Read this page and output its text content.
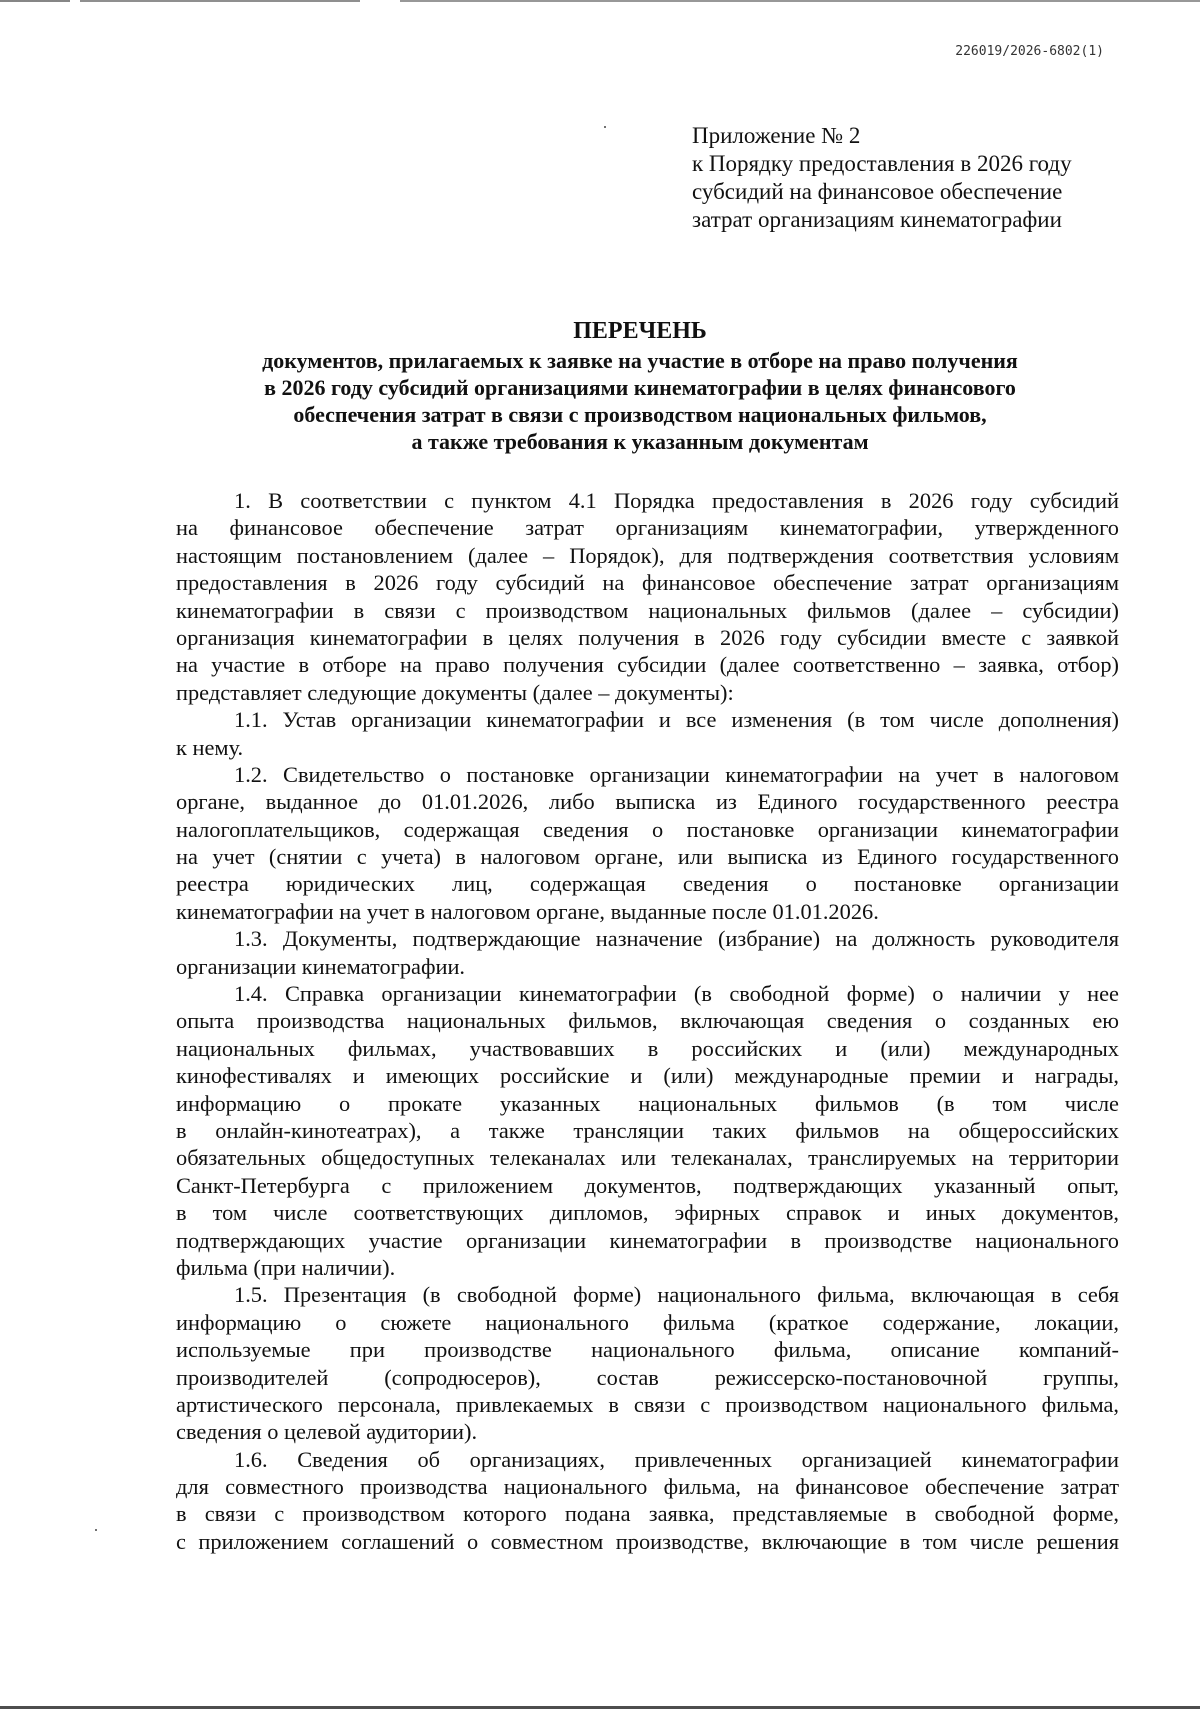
226019/2026-6802(1)
Приложение № 2
к Порядку предоставления в 2026 году
субсидий на финансовое обеспечение
затрат организациям кинематографии
ПЕРЕЧЕНЬ
документов, прилагаемых к заявке на участие в отборе на право получения
в 2026 году субсидий организациями кинематографии в целях финансового
обеспечения затрат в связи с производством национальных фильмов,
а также требования к указанным документам
1. В соответствии с пунктом 4.1 Порядка предоставления в 2026 году субсидий
на финансовое обеспечение затрат организациям кинематографии, утвержденного
настоящим постановлением (далее – Порядок), для подтверждения соответствия условиям
предоставления в 2026 году субсидий на финансовое обеспечение затрат организациям
кинематографии в связи с производством национальных фильмов (далее – субсидии)
организация кинематографии в целях получения в 2026 году субсидии вместе с заявкой
на участие в отборе на право получения субсидии (далее соответственно – заявка, отбор)
представляет следующие документы (далее – документы):
1.1. Устав организации кинематографии и все изменения (в том числе дополнения)
к нему.
1.2. Свидетельство о постановке организации кинематографии на учет в налоговом
органе, выданное до 01.01.2026, либо выписка из Единого государственного реестра
налогоплательщиков, содержащая сведения о постановке организации кинематографии
на учет (снятии с учета) в налоговом органе, или выписка из Единого государственного
реестра юридических лиц, содержащая сведения о постановке организации
кинематографии на учет в налоговом органе, выданные после 01.01.2026.
1.3. Документы, подтверждающие назначение (избрание) на должность руководителя
организации кинематографии.
1.4. Справка организации кинематографии (в свободной форме) о наличии у нее
опыта производства национальных фильмов, включающая сведения о созданных ею
национальных фильмах, участвовавших в российских и (или) международных
кинофестивалях и имеющих российские и (или) международные премии и награды,
информацию о прокате указанных национальных фильмов (в том числе
в онлайн-кинотеатрах), а также трансляции таких фильмов на общероссийских
обязательных общедоступных телеканалах или телеканалах, транслируемых на территории
Санкт-Петербурга с приложением документов, подтверждающих указанный опыт,
в том числе соответствующих дипломов, эфирных справок и иных документов,
подтверждающих участие организации кинематографии в производстве национального
фильма (при наличии).
1.5. Презентация (в свободной форме) национального фильма, включающая в себя
информацию о сюжете национального фильма (краткое содержание, локации,
используемые при производстве национального фильма, описание компаний-
производителей (сопродюсеров), состав режиссерско-постановочной группы,
артистического персонала, привлекаемых в связи с производством национального фильма,
сведения о целевой аудитории).
1.6. Сведения об организациях, привлеченных организацией кинематографии
для совместного производства национального фильма, на финансовое обеспечение затрат
в связи с производством которого подана заявка, представляемые в свободной форме,
с приложением соглашений о совместном производстве, включающие в том числе решения
